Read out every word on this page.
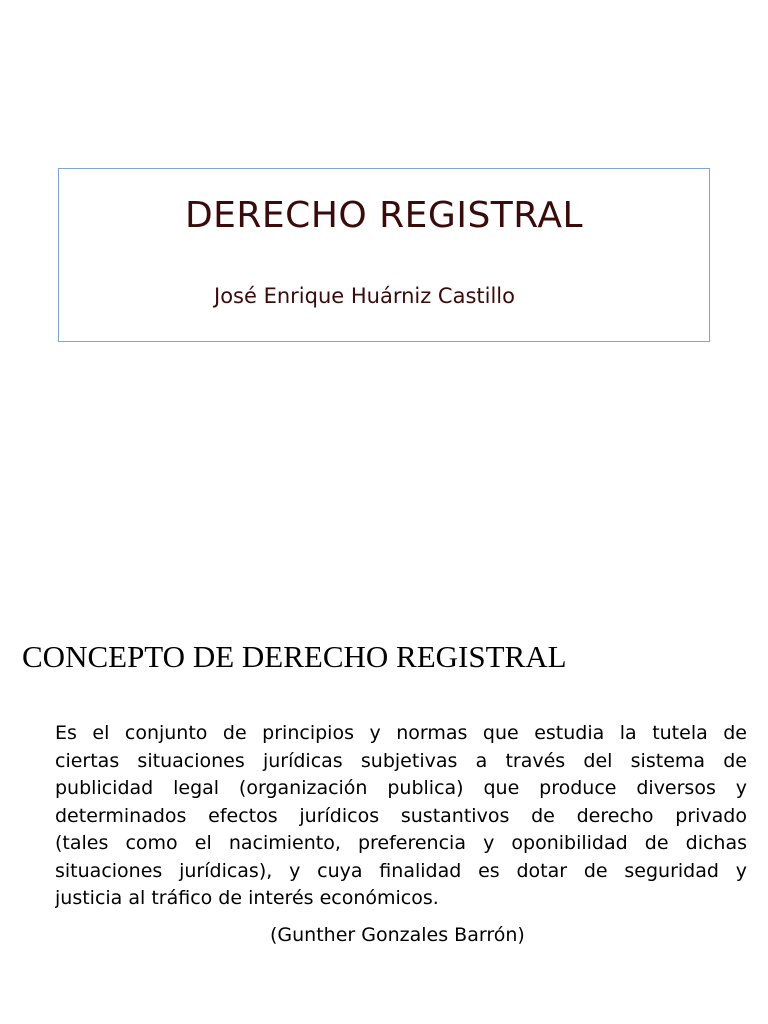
DERECHO REGISTRAL
José Enrique Huárniz Castillo
CONCEPTO DE DERECHO REGISTRAL

Es el conjunto de principios y normas que estudia la tutela de
ciertas situaciones jurídicas subjetivas a través del sistema de
publicidad legal (organización publica) que produce diversos y
determinados efectos jurídicos sustantivos de derecho privado
(tales como el nacimiento, preferencia y oponibilidad de dichas
situaciones jurídicas), y cuya finalidad es dotar de seguridad y
justicia al tráfico de interés económicos.

(Gunther Gonzales Barrón)
